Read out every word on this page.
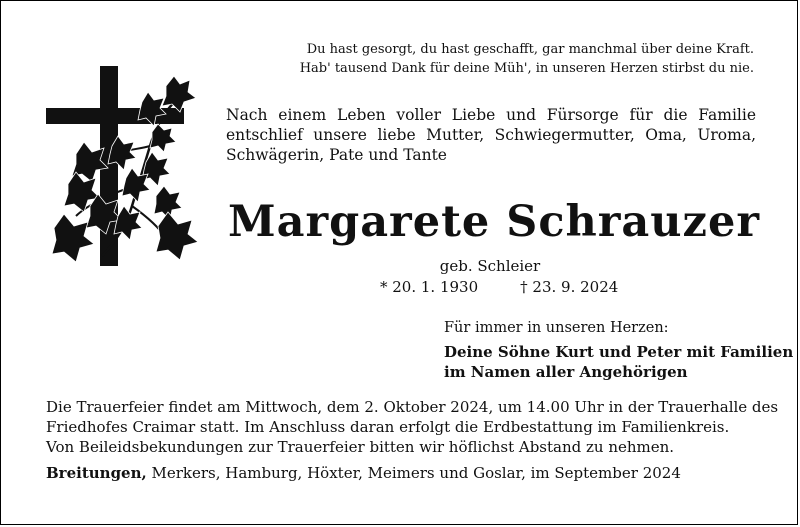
Du hast gesorgt, du hast geschafft, gar manchmal über deine Kraft.
Hab' tausend Dank für deine Müh', in unseren Herzen stirbst du nie.
Nach einem Leben voller Liebe und Fürsorge für die Familie entschlief unsere liebe Mutter, Schwiegermutter, Oma, Uroma, Schwägerin, Pate und Tante
Margarete Schrauzer
geb. Schleier
* 20. 1. 1930	† 23. 9. 2024
Für immer in unseren Herzen:
Deine Söhne Kurt und Peter mit Familien
im Namen aller Angehörigen
Die Trauerfeier findet am Mittwoch, dem 2. Oktober 2024, um 14.00 Uhr in der Trauerhalle des
Friedhofes Craimar statt. Im Anschluss daran erfolgt die Erdbestattung im Familienkreis.
Von Beileidsbekundungen zur Trauerfeier bitten wir höflichst Abstand zu nehmen.
Breitungen, Merkers, Hamburg, Höxter, Meimers und Goslar, im September 2024
